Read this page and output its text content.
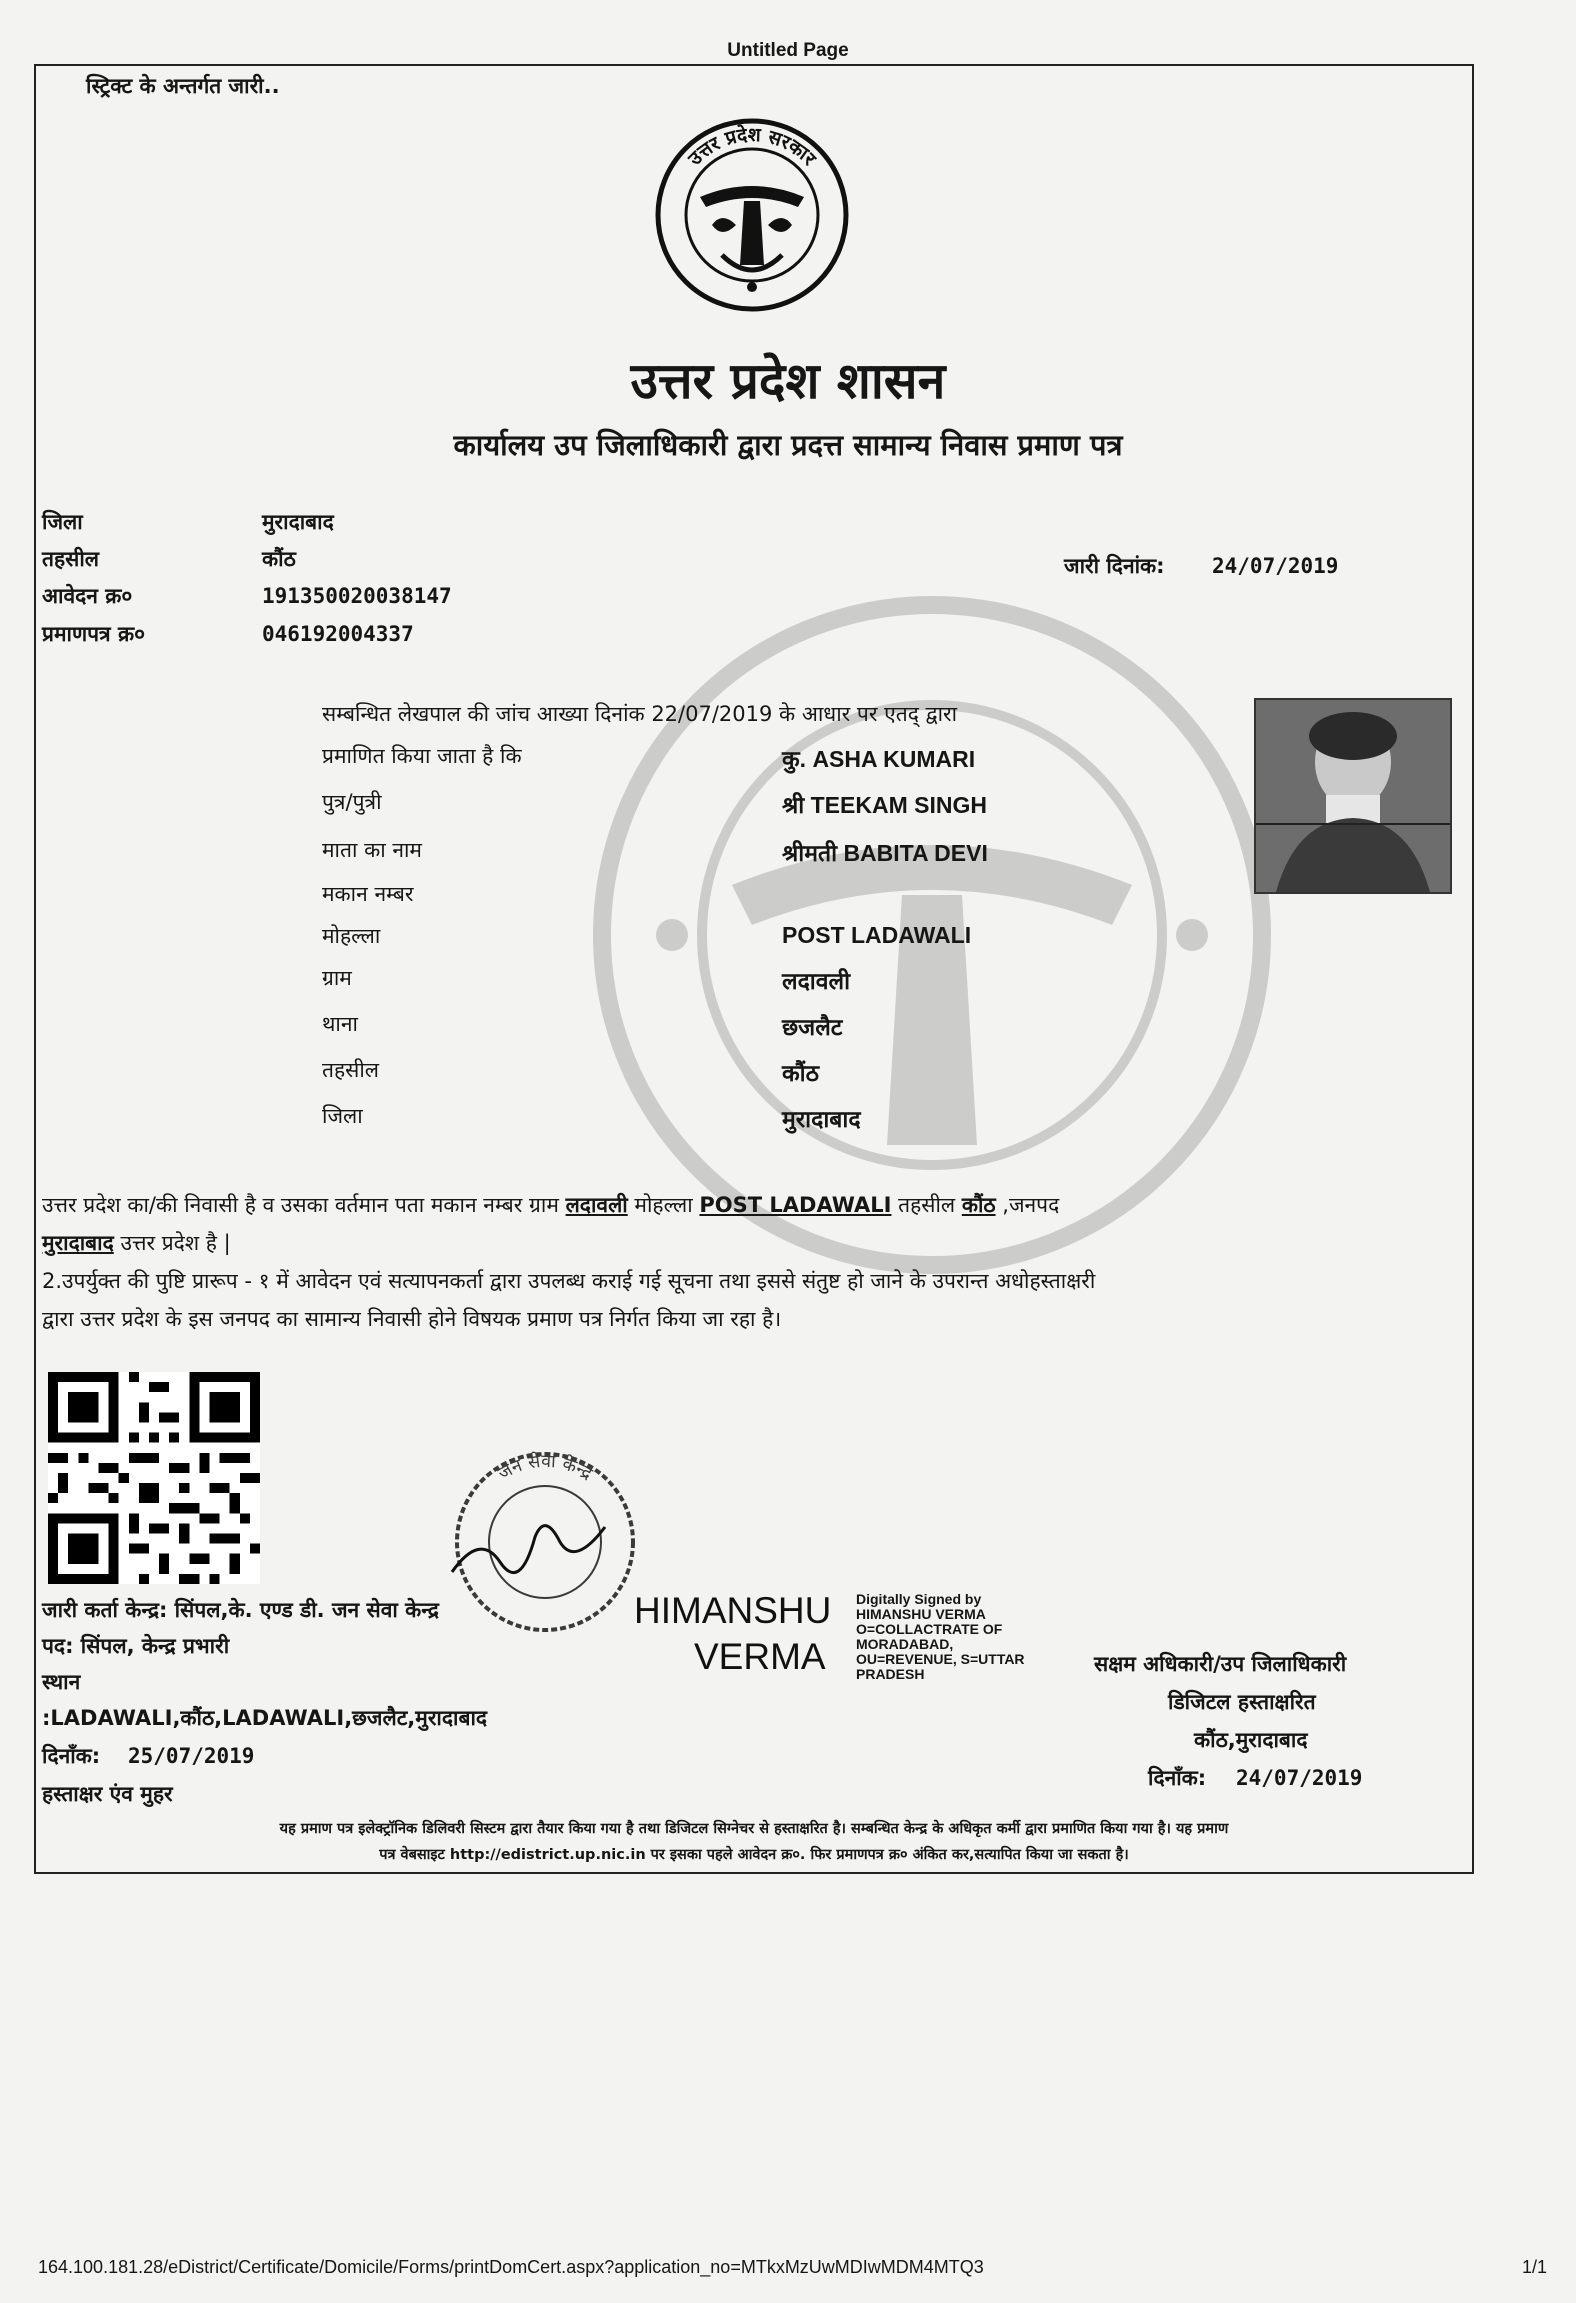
Untitled Page
स्ट्रिक्ट के अन्तर्गत जारी..
उत्तर प्रदेश सरकार
उत्तर प्रदेश शासन
कार्यालय उप जिलाधिकारी द्वारा प्रदत्त सामान्य निवास प्रमाण पत्र
जिला	मुरादाबाद
तहसील	कौंठ
आवेदन क्र०	191350020038147
प्रमाणपत्र क्र०	046192004337
जारी दिनांक: 24/07/2019
सम्बन्धित लेखपाल की जांच आख्या दिनांक 22/07/2019 के आधार पर एतद् द्वारा
प्रमाणित किया जाता है कि	कु. ASHA KUMARI
पुत्र/पुत्री	श्री TEEKAM SINGH
माता का नाम	श्रीमती BABITA DEVI
मकान नम्बर
मोहल्ला	POST LADAWALI
ग्राम	लदावली
थाना	छजलैट
तहसील	कौंठ
जिला	मुरादाबाद
उत्तर प्रदेश का/की निवासी है व उसका वर्तमान पता मकान नम्बर ग्राम लदावली मोहल्ला POST LADAWALI तहसील कौंठ ,जनपद
मुरादाबाद उत्तर प्रदेश है |
2.उपर्युक्त की पुष्टि प्रारूप - १ में आवेदन एवं सत्यापनकर्ता द्वारा उपलब्ध कराई गई सूचना तथा इससे संतुष्ट हो जाने के उपरान्त अधोहस्ताक्षरी
द्वारा उत्तर प्रदेश के इस जनपद का सामान्य निवासी होने विषयक प्रमाण पत्र निर्गत किया जा रहा है।
जन सेवा केन्द्र
जारी कर्ता केन्द्र: सिंपल,के. एण्ड डी. जन सेवा केन्द्र
पद: सिंपल, केन्द्र प्रभारी
स्थान
:LADAWALI,कौंठ,LADAWALI,छजलैट,मुरादाबाद
दिनाँक: 25/07/2019
हस्ताक्षर एंव मुहर
HIMANSHU
VERMA
Digitally Signed by
HIMANSHU VERMA
O=COLLACTRATE OF
MORADABAD,
OU=REVENUE, S=UTTAR
PRADESH	सक्षम अधिकारी/उप जिलाधिकारी
डिजिटल हस्ताक्षरित
कौंठ,मुरादाबाद
दिनाँक: 24/07/2019
यह प्रमाण पत्र इलेक्ट्रॉनिक डिलिवरी सिस्टम द्वारा तैयार किया गया है तथा डिजिटल सिग्नेचर से हस्ताक्षरित है। सम्बन्धित केन्द्र के अधिकृत कर्मी द्वारा प्रमाणित किया गया है। यह प्रमाण
पत्र वेबसाइट http://edistrict.up.nic.in पर इसका पहले आवेदन क्र०. फिर प्रमाणपत्र क्र० अंकित कर,सत्यापित किया जा सकता है।
164.100.181.28/eDistrict/Certificate/Domicile/Forms/printDomCert.aspx?application_no=MTkxMzUwMDIwMDM4MTQ3	1/1
